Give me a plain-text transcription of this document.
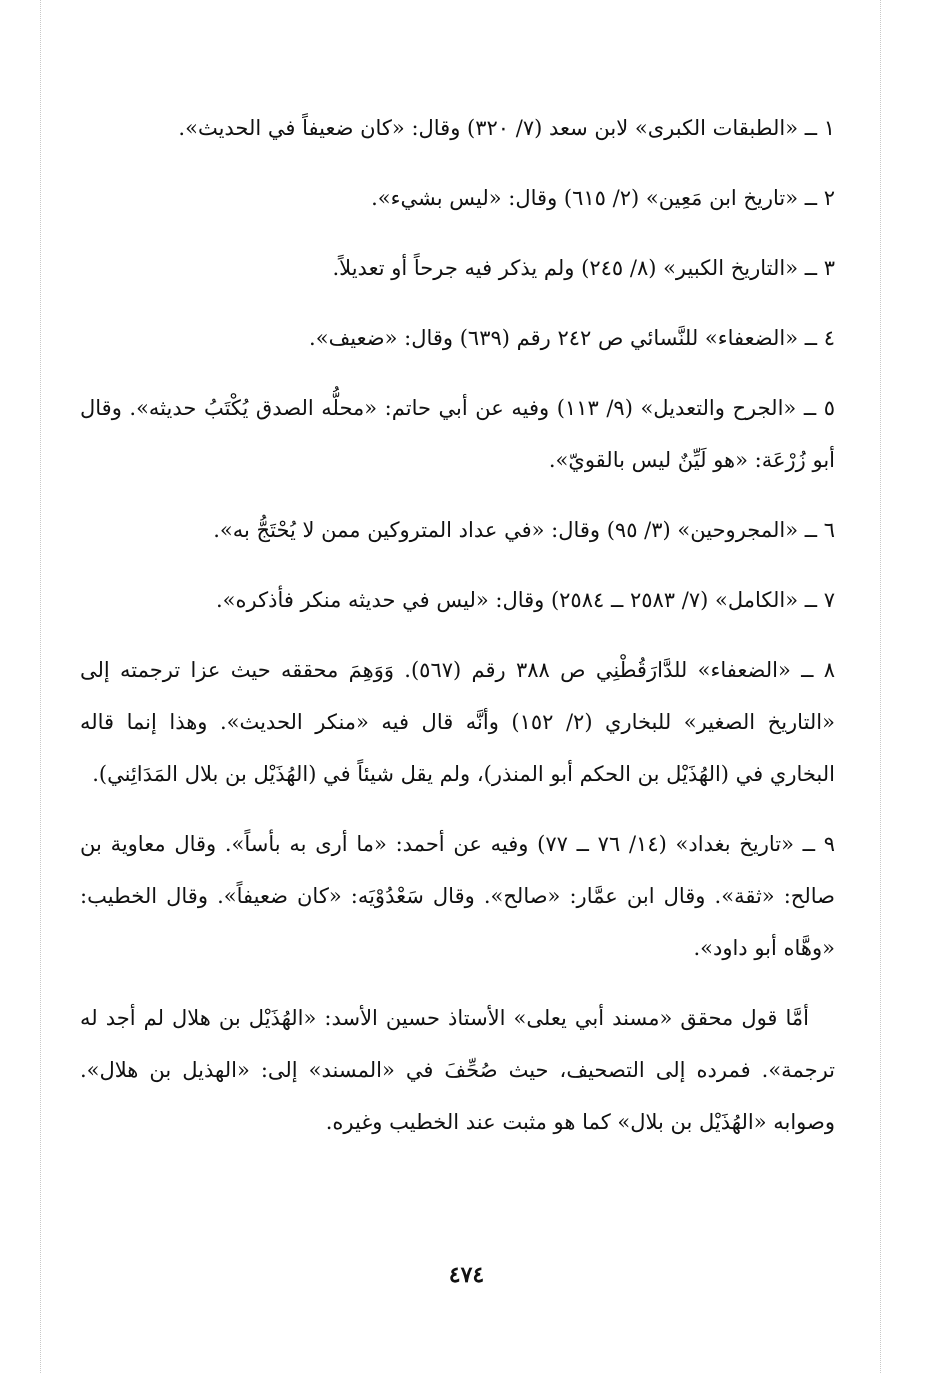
١ ــ «الطبقات الكبرى» لابن سعد (٧/ ٣٢٠) وقال: «كان ضعيفاً في الحديث».

٢ ــ «تاريخ ابن مَعِين» (٢/ ٦١٥) وقال: «ليس بشيء».

٣ ــ «التاريخ الكبير» (٨/ ٢٤٥) ولم يذكر فيه جرحاً أو تعديلاً.

٤ ــ «الضعفاء» للنَّسائي ص ٢٤٢ رقم (٦٣٩) وقال: «ضعيف».

٥ ــ «الجرح والتعديل» (٩/ ١١٣) وفيه عن أبي حاتم: «محلُّه الصدق يُكْتَبُ حديثه». وقال أبو زُرْعَة: «هو لَيِّنٌ ليس بالقويّ».

٦ ــ «المجروحين» (٣/ ٩٥) وقال: «في عداد المتروكين ممن لا يُحْتَجُّ به».

٧ ــ «الكامل» (٧/ ٢٥٨٣ ــ ٢٥٨٤) وقال: «ليس في حديثه منكر فأذكره».

٨ ــ «الضعفاء» للدَّارَقُطْنِي ص ٣٨٨ رقم (٥٦٧). وَوَهِمَ محققه حيث عزا ترجمته إلى «التاريخ الصغير» للبخاري (٢/ ١٥٢) وأنَّه قال فيه «منكر الحديث». وهذا إنما قاله البخاري في (الهُذَيْل بن الحكم أبو المنذر)، ولم يقل شيئاً في (الهُذَيْل بن بلال المَدَائِني).

٩ ــ «تاريخ بغداد» (١٤/ ٧٦ ــ ٧٧) وفيه عن أحمد: «ما أرى به بأساً». وقال معاوية بن صالح: «ثقة». وقال ابن عمَّار: «صالح». وقال سَعْدُوْيَه: «كان ضعيفاً». وقال الخطيب: «وهَّاه أبو داود».

أمَّا قول محقق «مسند أبي يعلى» الأستاذ حسين الأسد: «الهُذَيْل بن هلال لم أجد له ترجمة». فمرده إلى التصحيف، حيث صُحِّفَ في «المسند» إلى: «الهذيل بن هلال». وصوابه «الهُذَيْل بن بلال» كما هو مثبت عند الخطيب وغيره.

٤٧٤
